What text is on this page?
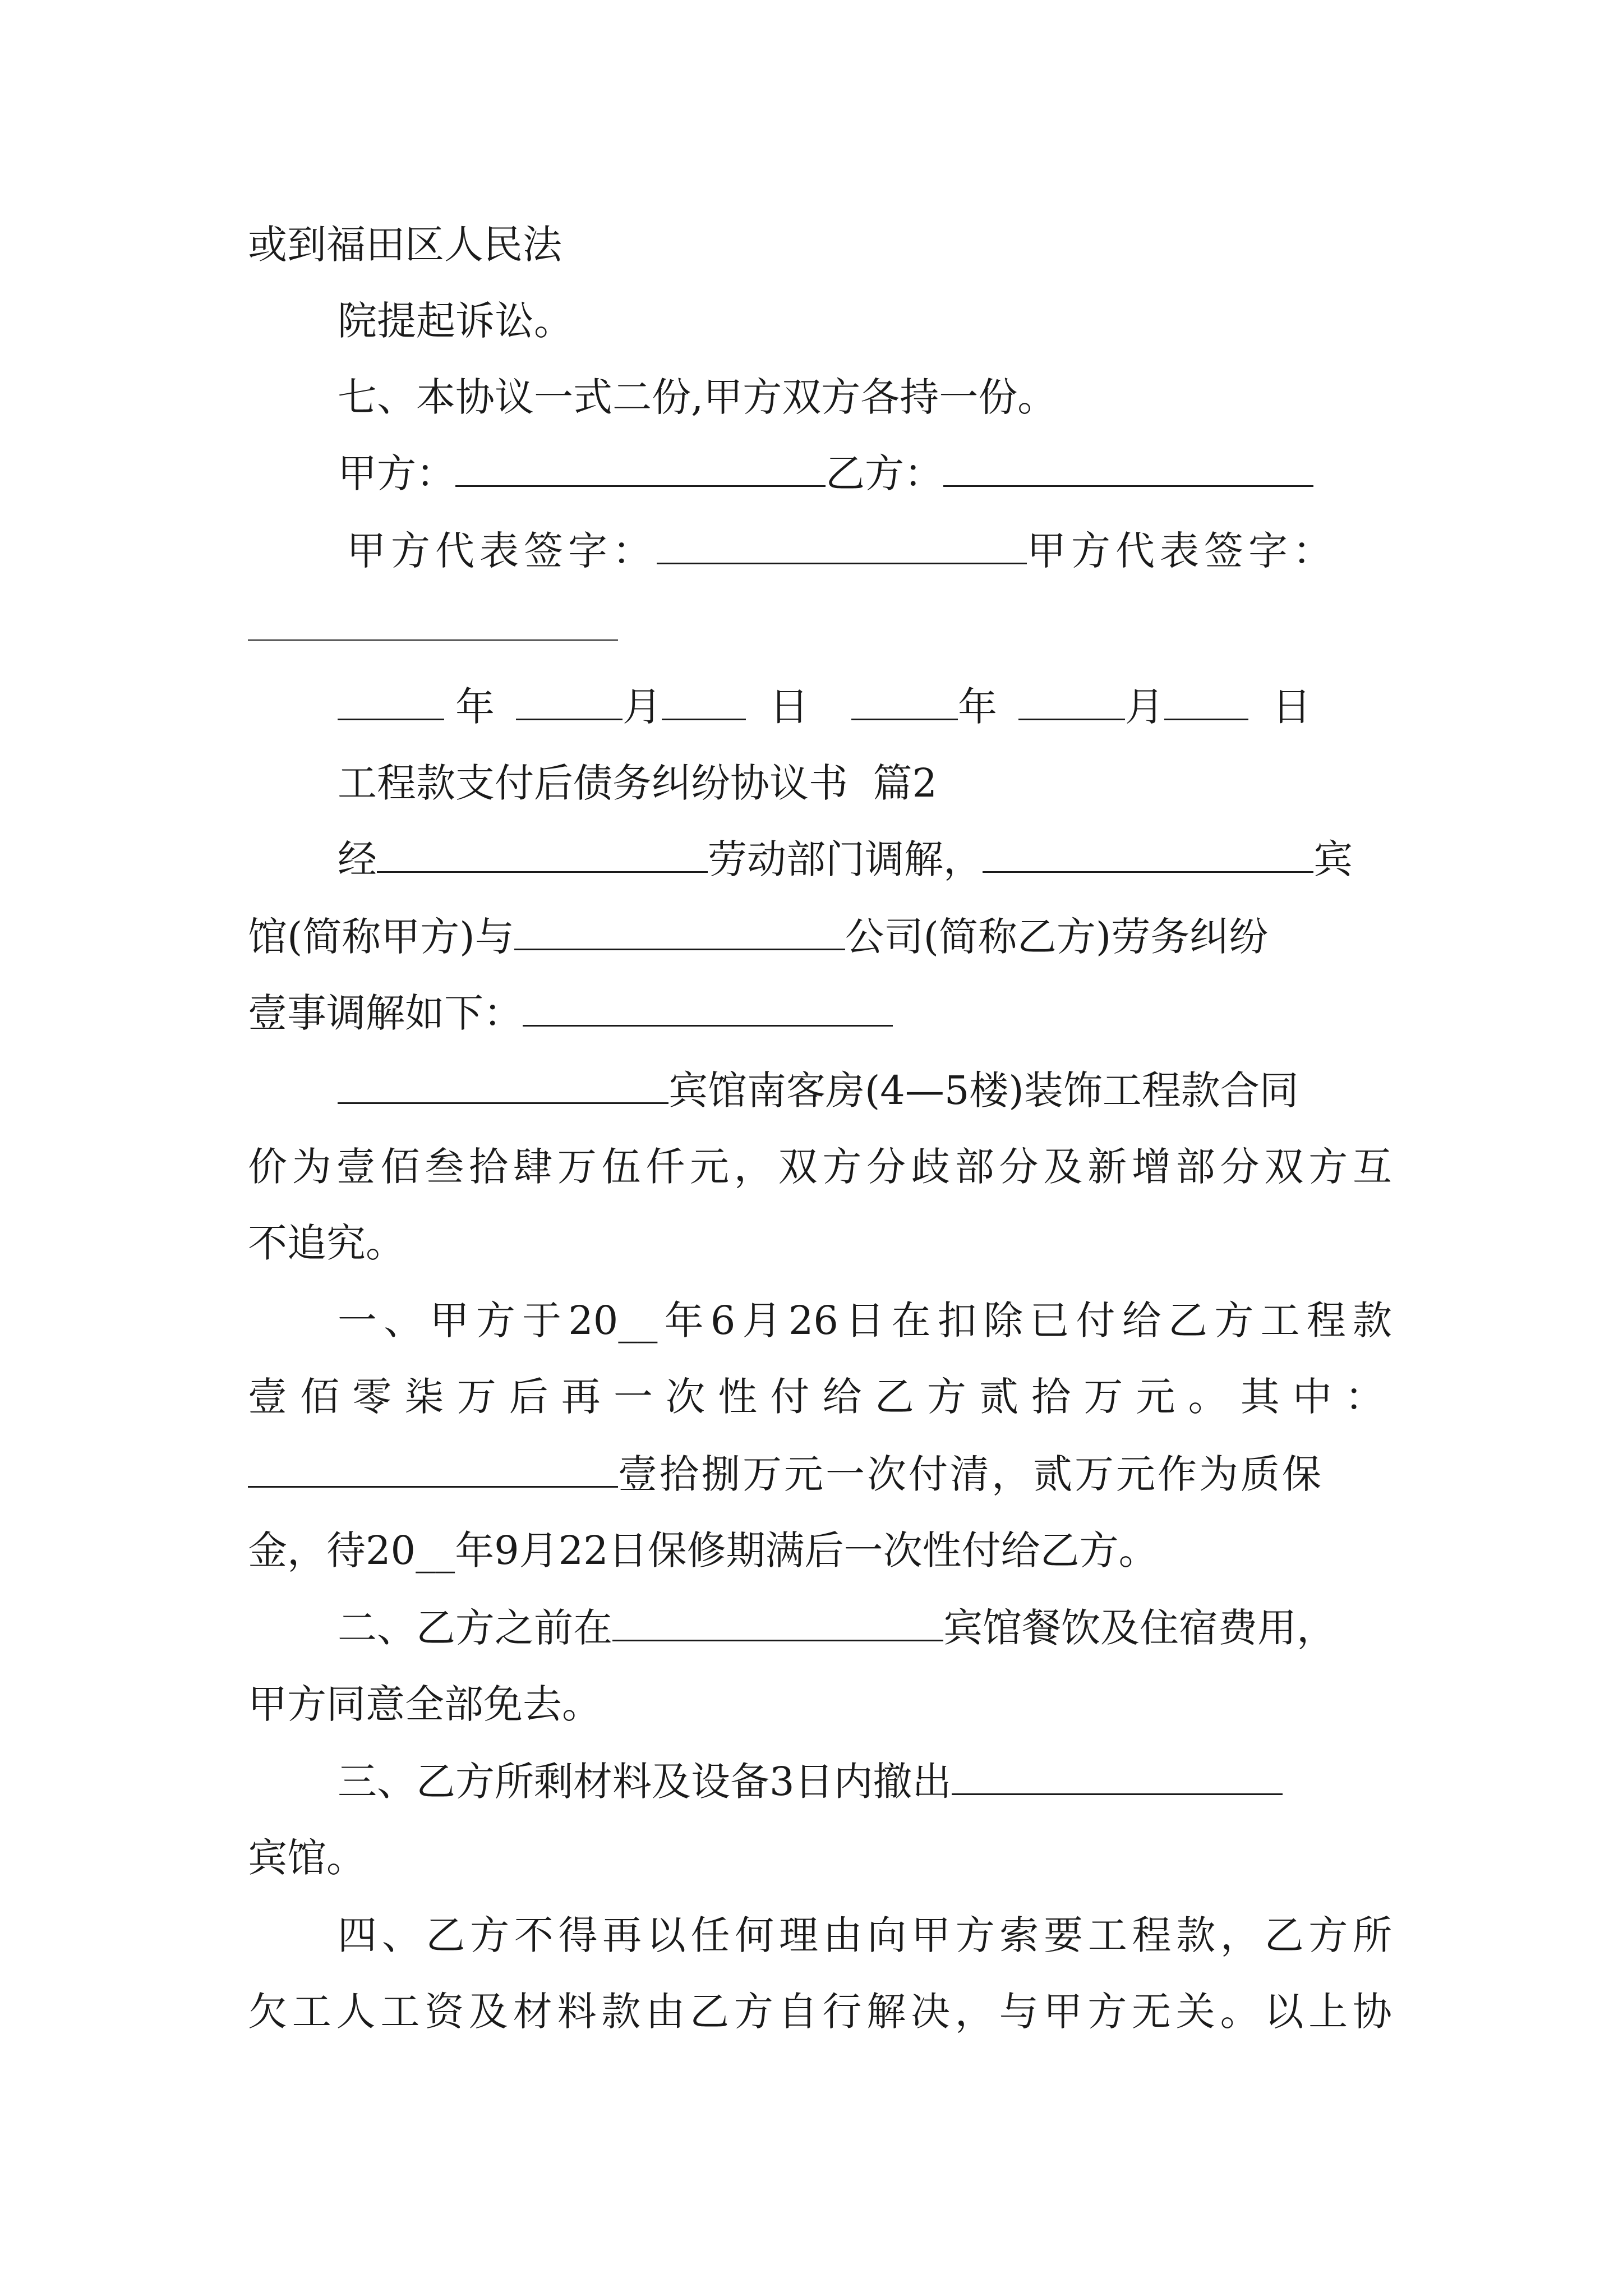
或到福田区人民法
院提起诉讼。
七、本协议一式二份,甲方双方各持一份。
甲方：	乙方：
甲方代表签字：	甲方代表签字：
年	月	日	年	月	日
工程款支付后债务纠纷协议书  篇2
经	劳动部门调解，	宾
馆(简称甲方)与	公司(简称乙方)劳务纠纷
壹事调解如下：
宾馆南客房(4—5楼)装饰工程款合同
价为壹佰叁拾肆万伍仟元，双方分歧部分及新增部分双方互
不追究。
一、甲方于20__年6月26日在扣除已付给乙方工程款
壹佰零柒万后再一次性付给乙方贰拾万元。其中：
壹拾捌万元一次付清，贰万元作为质保
金，待20__年9月22日保修期满后一次性付给乙方。
二、乙方之前在	宾馆餐饮及住宿费用，
甲方同意全部免去。
三、乙方所剩材料及设备3日内撤出
宾馆。
四、乙方不得再以任何理由向甲方索要工程款，乙方所
欠工人工资及材料款由乙方自行解决，与甲方无关。以上协
